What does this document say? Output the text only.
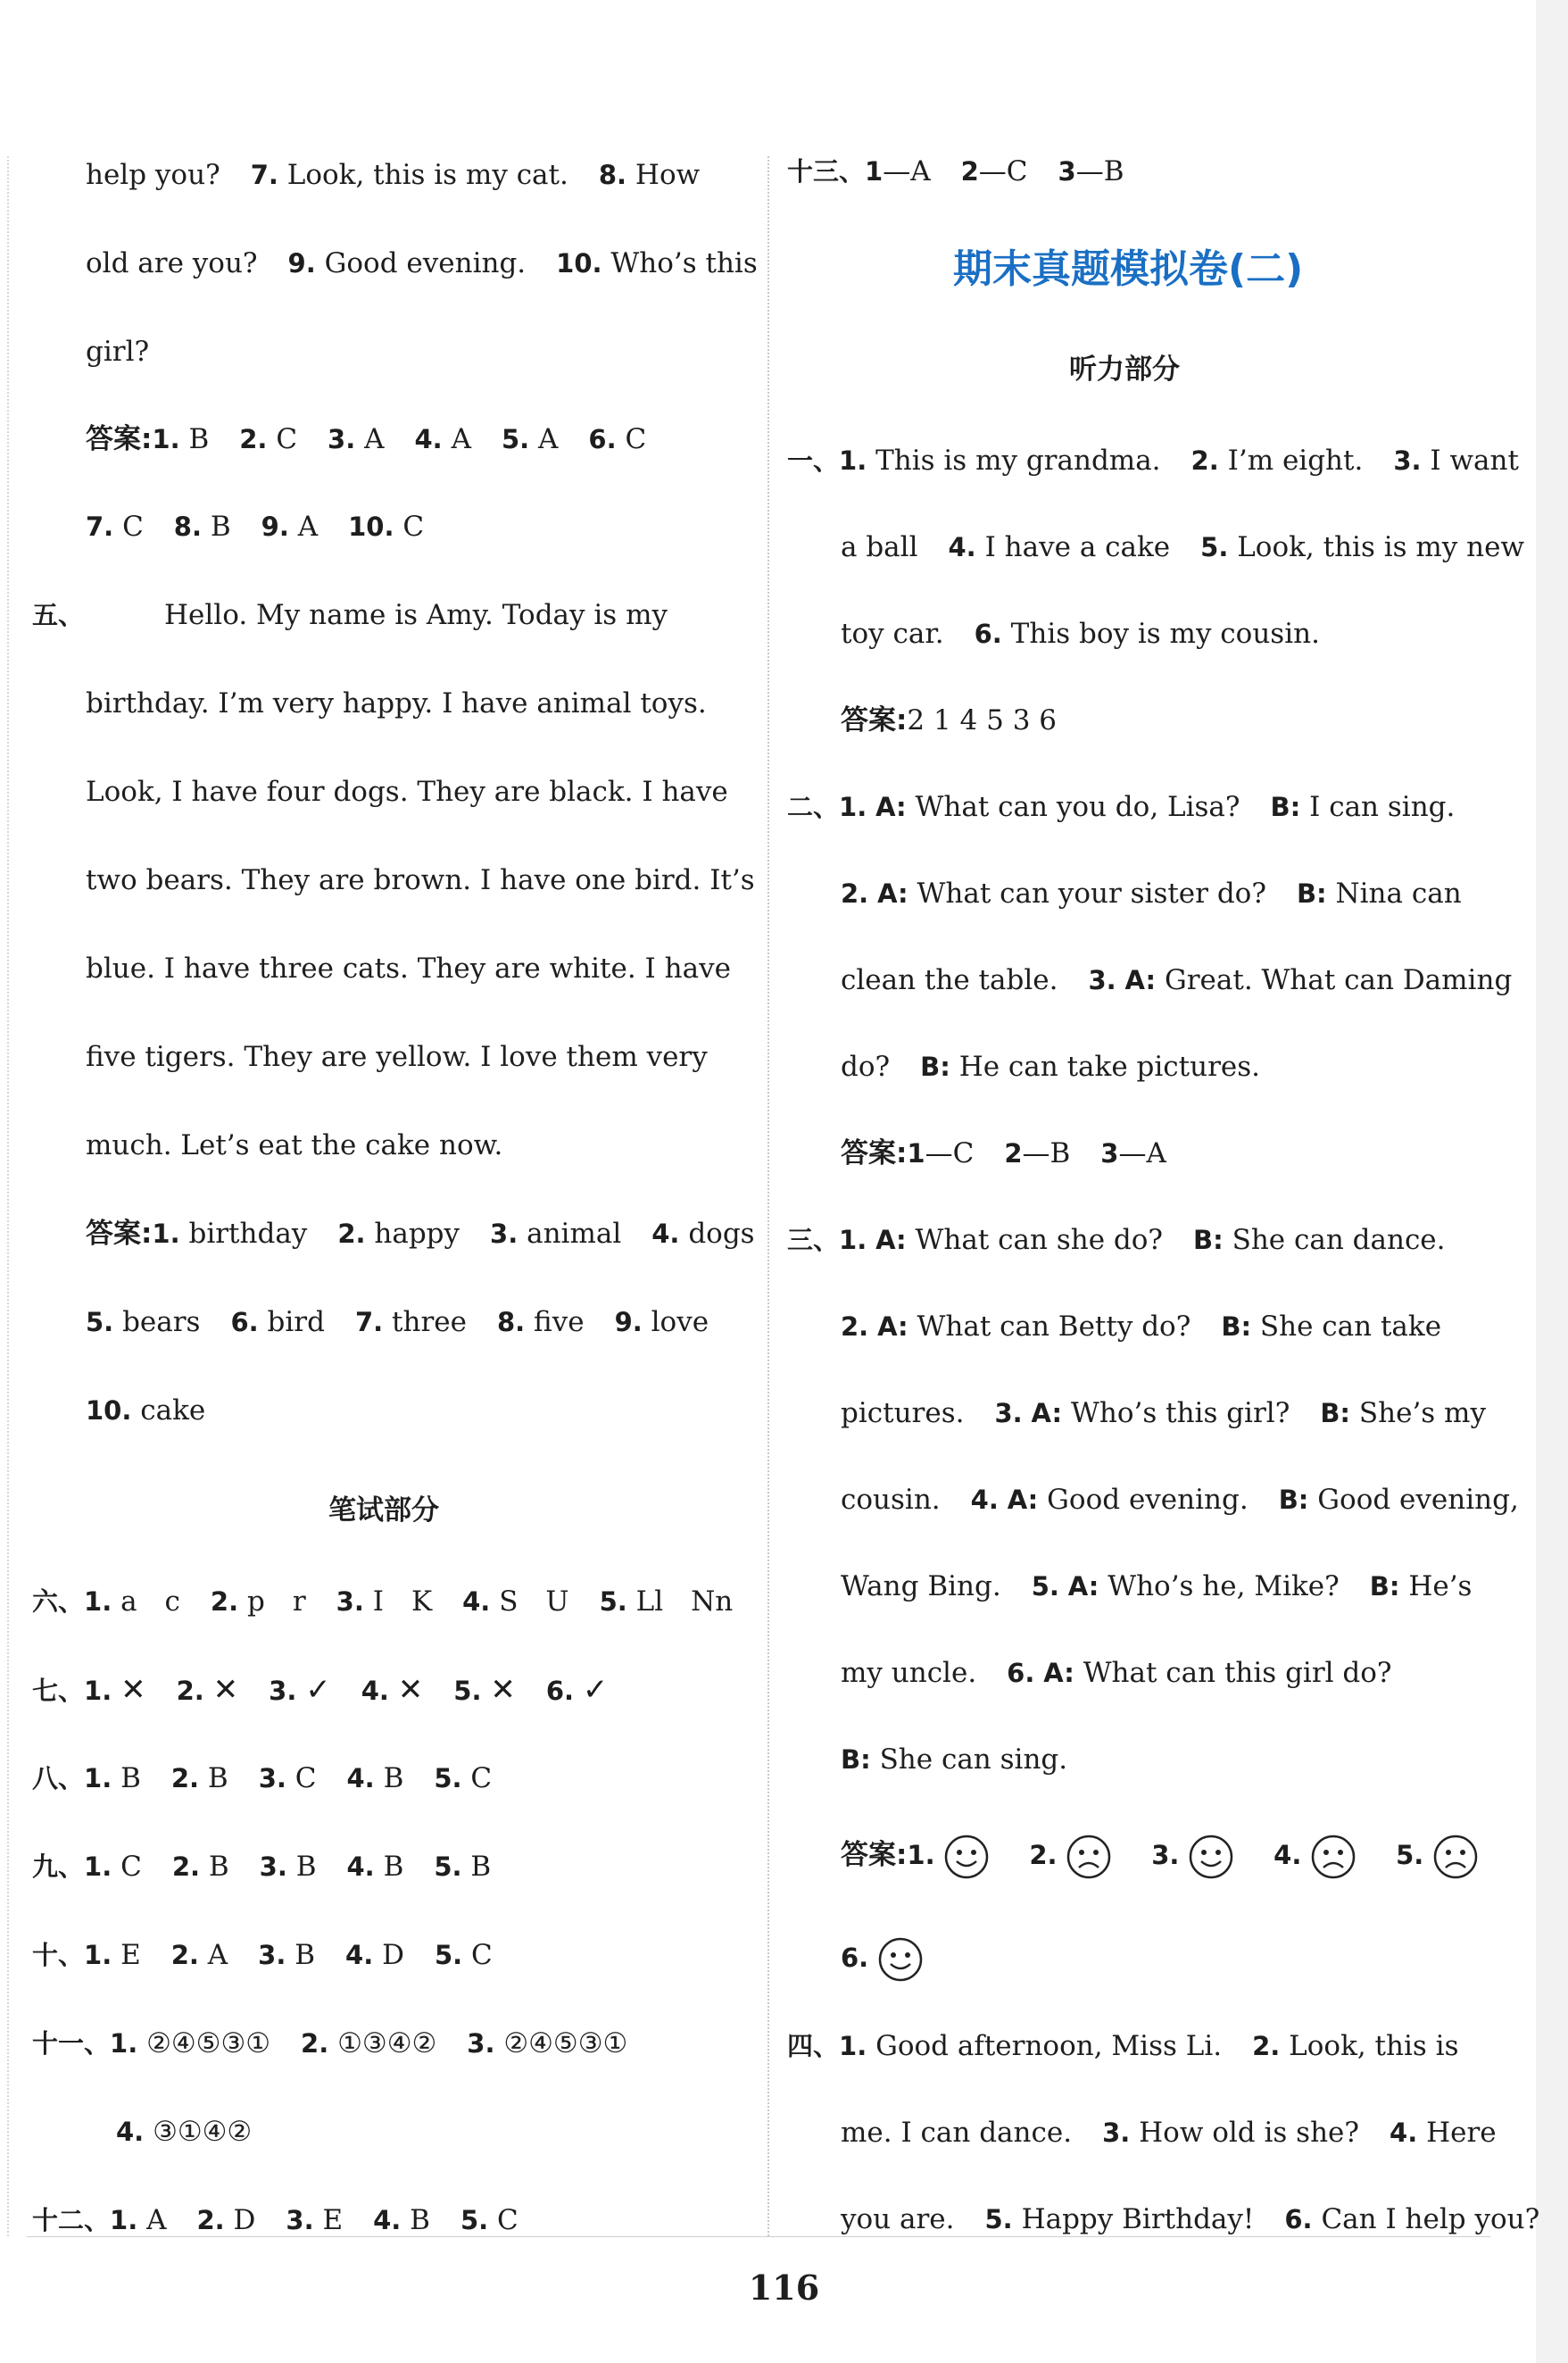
help you? 7. Look, this is my cat. 8. How
old are you? 9. Good evening. 10. Who’s this
girl?
答案:1. B 2. C 3. A 4. A 5. A 6. C
7. C 8. B 9. A 10. C
五、	Hello. My name is Amy. Today is my
birthday. I’m very happy. I have animal toys.
Look, I have four dogs. They are black. I have
two bears. They are brown. I have one bird. It’s
blue. I have three cats. They are white. I have
five tigers. They are yellow. I love them very
much. Let’s eat the cake now.
答案:1. birthday 2. happy 3. animal 4. dogs
5. bears 6. bird 7. three 8. five 9. love
10. cake
笔试部分
六、1. a　c 2. p　r 3. I　K 4. S　U 5. Ll　Nn
七、1. ✕ 2. ✕ 3. ✓ 4. ✕ 5. ✕ 6. ✓
八、1. B 2. B 3. C 4. B 5. C
九、1. C 2. B 3. B 4. B 5. B
十、1. E 2. A 3. B 4. D 5. C
十一、1. ②④⑤③① 2. ①③④② 3. ②④⑤③①
4. ③①④②
十二、1. A 2. D 3. E 4. B 5. C
十三、1—A 2—C 3—B
期末真题模拟卷(二)
听力部分
一、1. This is my grandma. 2. I’m eight. 3. I want
a ball 4. I have a cake 5. Look, this is my new
toy car. 6. This boy is my cousin.
答案:2 1 4 5 3 6
二、1. A: What can you do, Lisa? B: I can sing.
2. A: What can your sister do? B: Nina can
clean the table. 3. A: Great. What can Daming
do? B: He can take pictures.
答案:1—C 2—B 3—A
三、1. A: What can she do? B: She can dance.
2. A: What can Betty do? B: She can take
pictures. 3. A: Who’s this girl? B: She’s my
cousin. 4. A: Good evening. B: Good evening,
Wang Bing. 5. A: Who’s he, Mike? B: He’s
my uncle. 6. A: What can this girl do?
B: She can sing.
答案:1.	2.	3.	4.	5.
6.
四、1. Good afternoon, Miss Li. 2. Look, this is
me. I can dance. 3. How old is she? 4. Here
you are. 5. Happy Birthday! 6. Can I help you?
116
